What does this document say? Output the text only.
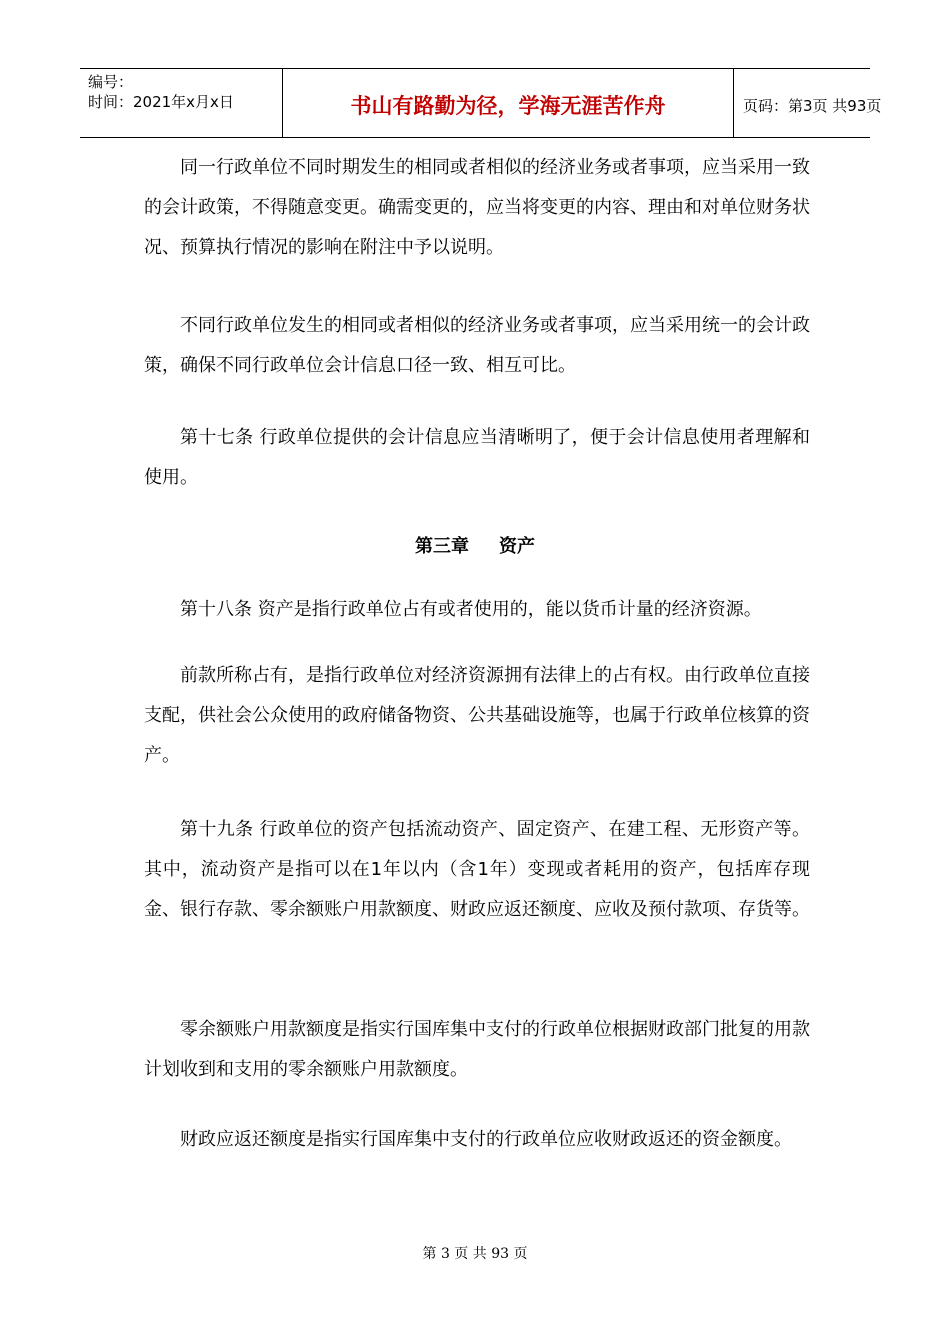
编号：
时间：2021年x月x日	书山有路勤为径，学海无涯苦作舟	页码：第3页 共93页

同一行政单位不同时期发生的相同或者相似的经济业务或者事项，应当采用一致的会计政策，不得随意变更。确需变更的，应当将变更的内容、理由和对单位财务状况、预算执行情况的影响在附注中予以说明。

不同行政单位发生的相同或者相似的经济业务或者事项，应当采用统一的会计政策，确保不同行政单位会计信息口径一致、相互可比。

第十七条 行政单位提供的会计信息应当清晰明了，便于会计信息使用者理解和使用。

第三章 资产

第十八条 资产是指行政单位占有或者使用的，能以货币计量的经济资源。

前款所称占有，是指行政单位对经济资源拥有法律上的占有权。由行政单位直接支配，供社会公众使用的政府储备物资、公共基础设施等，也属于行政单位核算的资产。

第十九条 行政单位的资产包括流动资产、固定资产、在建工程、无形资产等。其中，流动资产是指可以在1年以内（含1年）变现或者耗用的资产，包括库存现金、银行存款、零余额账户用款额度、财政应返还额度、应收及预付款项、存货等。

零余额账户用款额度是指实行国库集中支付的行政单位根据财政部门批复的用款计划收到和支用的零余额账户用款额度。

财政应返还额度是指实行国库集中支付的行政单位应收财政返还的资金额度。

第 3 页 共 93 页
